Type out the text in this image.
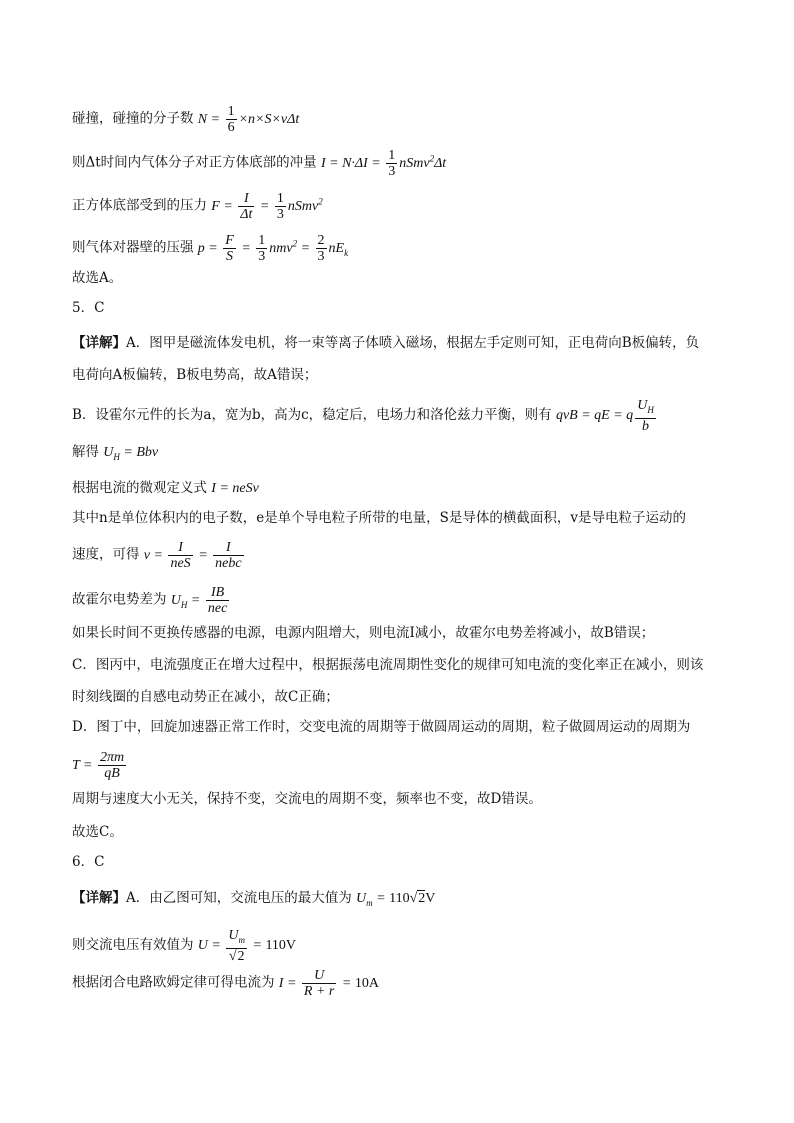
碰撞，碰撞的分子数 $N = \frac{1}{6} \times n\times S\times v\Delta t$
则Δt时间内气体分子对正方体底部的冲量 $I = N\cdot\Delta I = \frac{1}{3}$ nSmv$^2$Δt
正方体底部受到的压力 $F = \frac{I}{\Delta t} = \frac{1}{3}$ nSmv$^2$
则气体对器壁的压强 $p = \frac{F}{S} = \frac{1}{3} nmv^2 = \frac{2}{3} nE_k$
故选A。
5．C
【详解】A．图甲是磁流体发电机，将一束等离子体喷入磁场，根据左手定则可知，正电荷向B板偏转，负
电荷向A板偏转，B板电势高，故A错误；
B．设霍尔元件的长为a，宽为b，高为c，稳定后，电场力和洛伦兹力平衡，则有 qvB = qE = q $\frac{U_H}{b}$
解得 $U_H$ = Bbv
根据电流的微观定义式 I = neSv
其中n是单位体积内的电子数，e是单个导电粒子所带的电量，S是导体的横截面积，v是导电粒子运动的
速度，可得 $v = \frac{I}{\text{neS}} = \frac{I}{\text{nebc}}$
故霍尔电势差为 $U_H = \frac{IB}{\text{nec}}$
如果长时间不更换传感器的电源，电源内阻增大，则电流I减小，故霍尔电势差将减小，故B错误；
C．图丙中，电流强度正在增大过程中，根据振荡电流周期性变化的规律可知电流的变化率正在减小，则该
时刻线圈的自感电动势正在减小，故C正确；
D．图丁中，回旋加速器正常工作时，交变电流的周期等于做圆周运动的周期，粒子做圆周运动的周期为
$T = \frac{2\pi m}{qB}$
周期与速度大小无关，保持不变，交流电的周期不变，频率也不变，故D错误。
故选C。
6．C
【详解】A．由乙图可知，交流电压的最大值为 $U_m = 110√2V$
则交流电压有效值为 $U = \frac{U_m}{√2} = 110V$
根据闭合电路欧姆定律可得电流为 $I = \frac{U}{R + r} = 10A$
